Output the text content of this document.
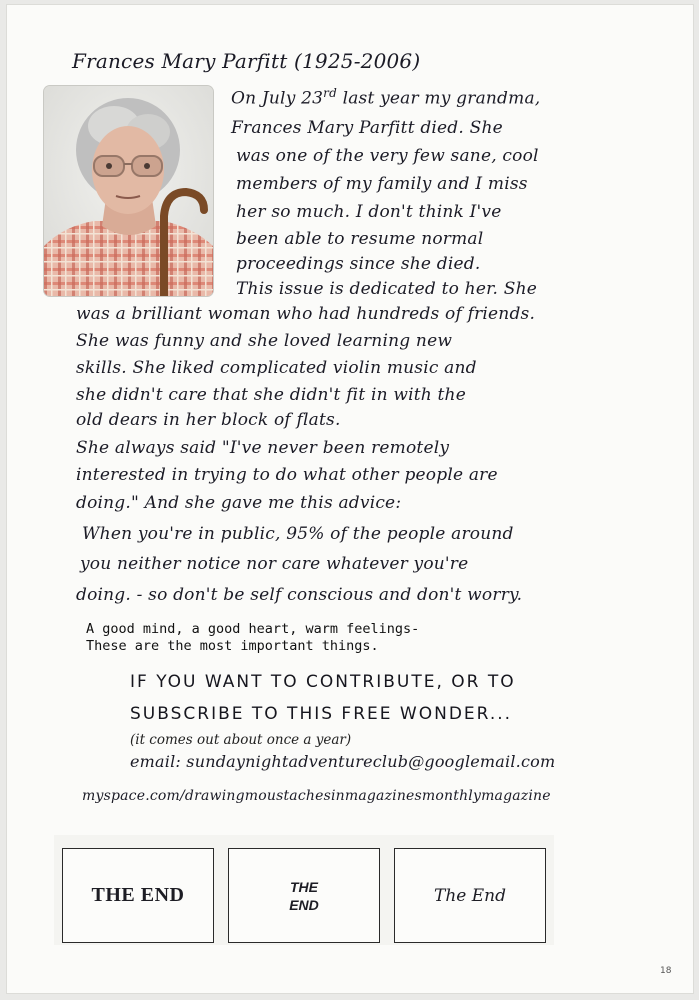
Frances Mary Parfitt (1925-2006)
On July 23rd last year my grandma,
Frances Mary Parfitt died. She
was one of the very few sane, cool
members of my family and I miss
her so much. I don't think I've
been able to resume normal
proceedings since she died.
This issue is dedicated to her. She
was a brilliant woman who had hundreds of friends.
She was funny and she loved learning new
skills. She liked complicated violin music and
she didn't care that she didn't fit in with the
old dears in her block of flats.
She always said "I've never been remotely
interested in trying to do what other people are
doing." And she gave me this advice:
When you're in public, 95% of the people around
you neither notice nor care whatever you're
doing. - so don't be self conscious and don't worry.
A good mind, a good heart, warm feelings-
These are the most important things.
IF YOU WANT TO CONTRIBUTE, OR TO
SUBSCRIBE TO THIS FREE WONDER...
(it comes out about once a year)
email: sundaynightadventureclub@googlemail.com
myspace.com/drawingmoustachesinmagazinesmonthlymagazine
THE END	THE
END	The End
18
